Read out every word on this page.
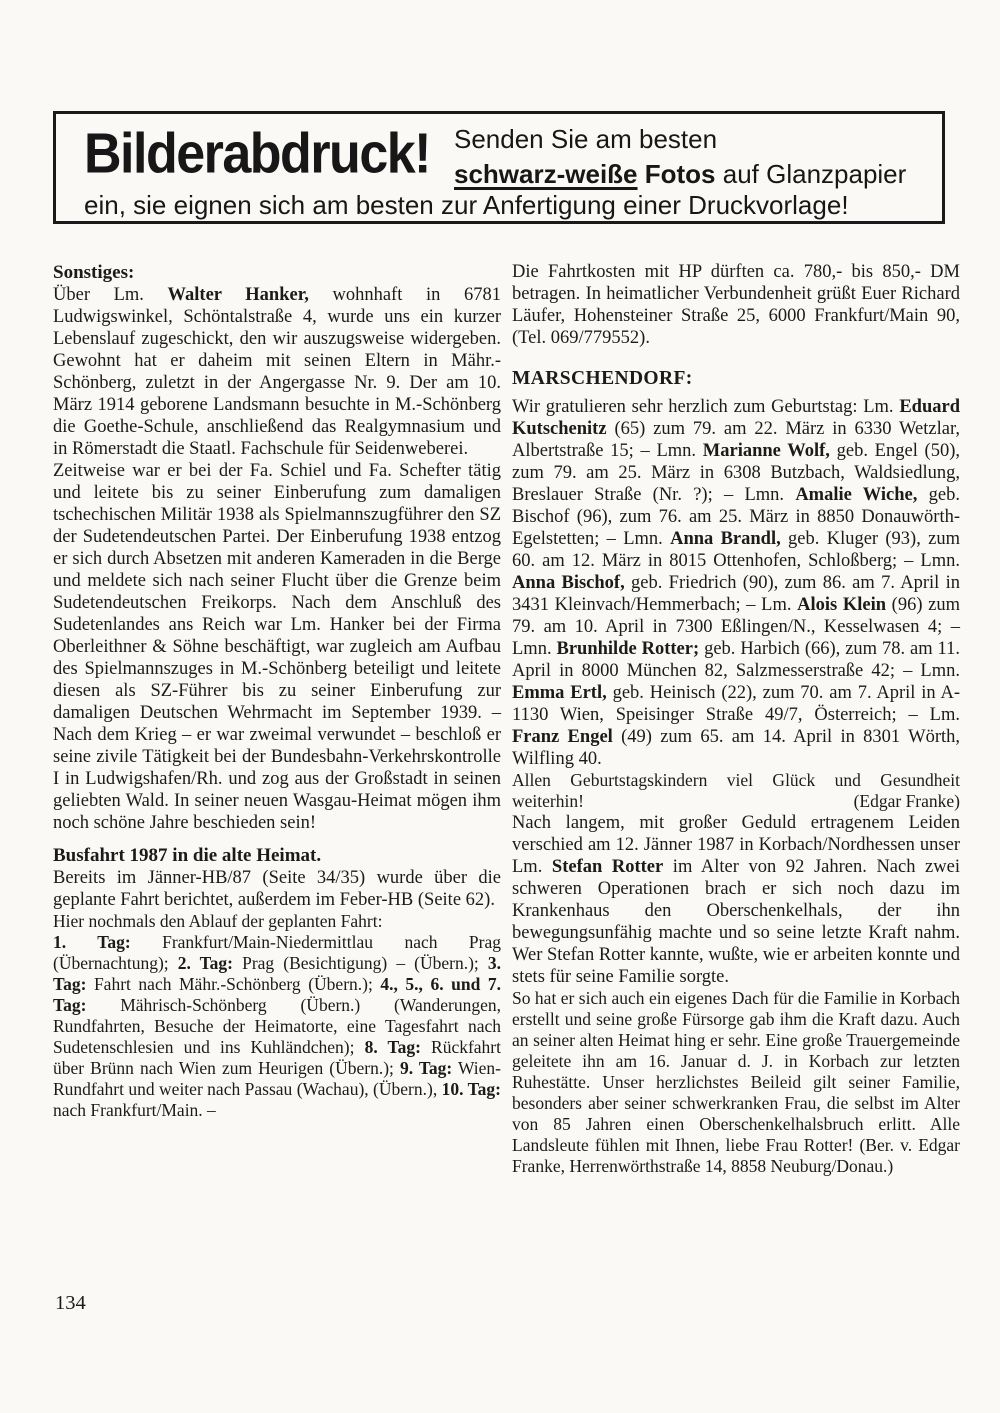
Bilderabdruck! Senden Sie am besten
schwarz-weiße Fotos auf Glanzpapier
ein, sie eignen sich am besten zur Anfertigung einer Druckvorlage!
Sonstiges:

Über Lm. Walter Hanker, wohnhaft in 6781 Ludwigswinkel, Schöntalstraße 4, wurde uns ein kurzer Lebenslauf zugeschickt, den wir auszugsweise widergeben. Gewohnt hat er daheim mit seinen Eltern in Mähr.-Schönberg, zuletzt in der Angergasse Nr. 9. Der am 10. März 1914 geborene Landsmann besuchte in M.-Schönberg die Goethe-Schule, anschließend das Realgymnasium und in Römerstadt die Staatl. Fachschule für Seidenweberei.

Zeitweise war er bei der Fa. Schiel und Fa. Schefter tätig und leitete bis zu seiner Einberufung zum damaligen tschechischen Militär 1938 als Spielmannszugführer den SZ der Sudetendeutschen Partei. Der Einberufung 1938 entzog er sich durch Absetzen mit anderen Kameraden in die Berge und meldete sich nach seiner Flucht über die Grenze beim Sudetendeutschen Freikorps. Nach dem Anschluß des Sudetenlandes ans Reich war Lm. Hanker bei der Firma Oberleithner & Söhne beschäftigt, war zugleich am Aufbau des Spielmannszuges in M.-Schönberg beteiligt und leitete diesen als SZ-Führer bis zu seiner Einberufung zur damaligen Deutschen Wehrmacht im September 1939. – Nach dem Krieg – er war zweimal verwundet – beschloß er seine zivile Tätigkeit bei der Bundesbahn-Verkehrskontrolle I in Ludwigshafen/Rh. und zog aus der Großstadt in seinen geliebten Wald. In seiner neuen Wasgau-Heimat mögen ihm noch schöne Jahre beschieden sein!

Busfahrt 1987 in die alte Heimat.

Bereits im Jänner-HB/87 (Seite 34/35) wurde über die geplante Fahrt berichtet, außerdem im Feber-HB (Seite 62).

Hier nochmals den Ablauf der geplanten Fahrt:

1. Tag: Frankfurt/Main-Niedermittlau nach Prag (Übernachtung); 2. Tag: Prag (Besichtigung) – (Übern.); 3. Tag: Fahrt nach Mähr.-Schönberg (Übern.); 4., 5., 6. und 7. Tag: Mährisch-Schönberg (Übern.) (Wanderungen, Rundfahrten, Besuche der Heimatorte, eine Tagesfahrt nach Sudetenschlesien und ins Kuhländchen); 8. Tag: Rückfahrt über Brünn nach Wien zum Heurigen (Übern.); 9. Tag: Wien-Rundfahrt und weiter nach Passau (Wachau), (Übern.), 10. Tag: nach Frankfurt/Main. –

Die Fahrtkosten mit HP dürften ca. 780,- bis 850,- DM betragen. In heimatlicher Verbundenheit grüßt Euer Richard Läufer, Hohensteiner Straße 25, 6000 Frankfurt/Main 90, (Tel. 069/779552).

MARSCHENDORF:

Wir gratulieren sehr herzlich zum Geburtstag: Lm. Eduard Kutschenitz (65) zum 79. am 22. März in 6330 Wetzlar, Albertstraße 15; – Lmn. Marianne Wolf, geb. Engel (50), zum 79. am 25. März in 6308 Butzbach, Waldsiedlung, Breslauer Straße (Nr. ?); – Lmn. Amalie Wiche, geb. Bischof (96), zum 76. am 25. März in 8850 Donauwörth-Egelstetten; – Lmn. Anna Brandl, geb. Kluger (93), zum 60. am 12. März in 8015 Ottenhofen, Schloßberg; – Lmn. Anna Bischof, geb. Friedrich (90), zum 86. am 7. April in 3431 Kleinvach/Hemmerbach; – Lm. Alois Klein (96) zum 79. am 10. April in 7300 Eßlingen/N., Kesselwasen 4; – Lmn. Brunhilde Rotter; geb. Harbich (66), zum 78. am 11. April in 8000 München 82, Salzmesserstraße 42; – Lmn. Emma Ertl, geb. Heinisch (22), zum 70. am 7. April in A-1130 Wien, Speisinger Straße 49/7, Österreich; – Lm. Franz Engel (49) zum 65. am 14. April in 8301 Wörth, Wilfling 40.

Allen Geburtstagskindern viel Glück und Gesundheit weiterhin!	(Edgar Franke)

Nach langem, mit großer Geduld ertragenem Leiden verschied am 12. Jänner 1987 in Korbach/Nordhessen unser Lm. Stefan Rotter im Alter von 92 Jahren. Nach zwei schweren Operationen brach er sich noch dazu im Krankenhaus den Oberschenkelhals, der ihn bewegungsunfähig machte und so seine letzte Kraft nahm. Wer Stefan Rotter kannte, wußte, wie er arbeiten konnte und stets für seine Familie sorgte.

So hat er sich auch ein eigenes Dach für die Familie in Korbach erstellt und seine große Fürsorge gab ihm die Kraft dazu. Auch an seiner alten Heimat hing er sehr. Eine große Trauergemeinde geleitete ihn am 16. Januar d. J. in Korbach zur letzten Ruhestätte. Unser herzlichstes Beileid gilt seiner Familie, besonders aber seiner schwerkranken Frau, die selbst im Alter von 85 Jahren einen Oberschenkelhalsbruch erlitt. Alle Landsleute fühlen mit Ihnen, liebe Frau Rotter! (Ber. v. Edgar Franke, Herrenwörthstraße 14, 8858 Neuburg/Donau.)

134
